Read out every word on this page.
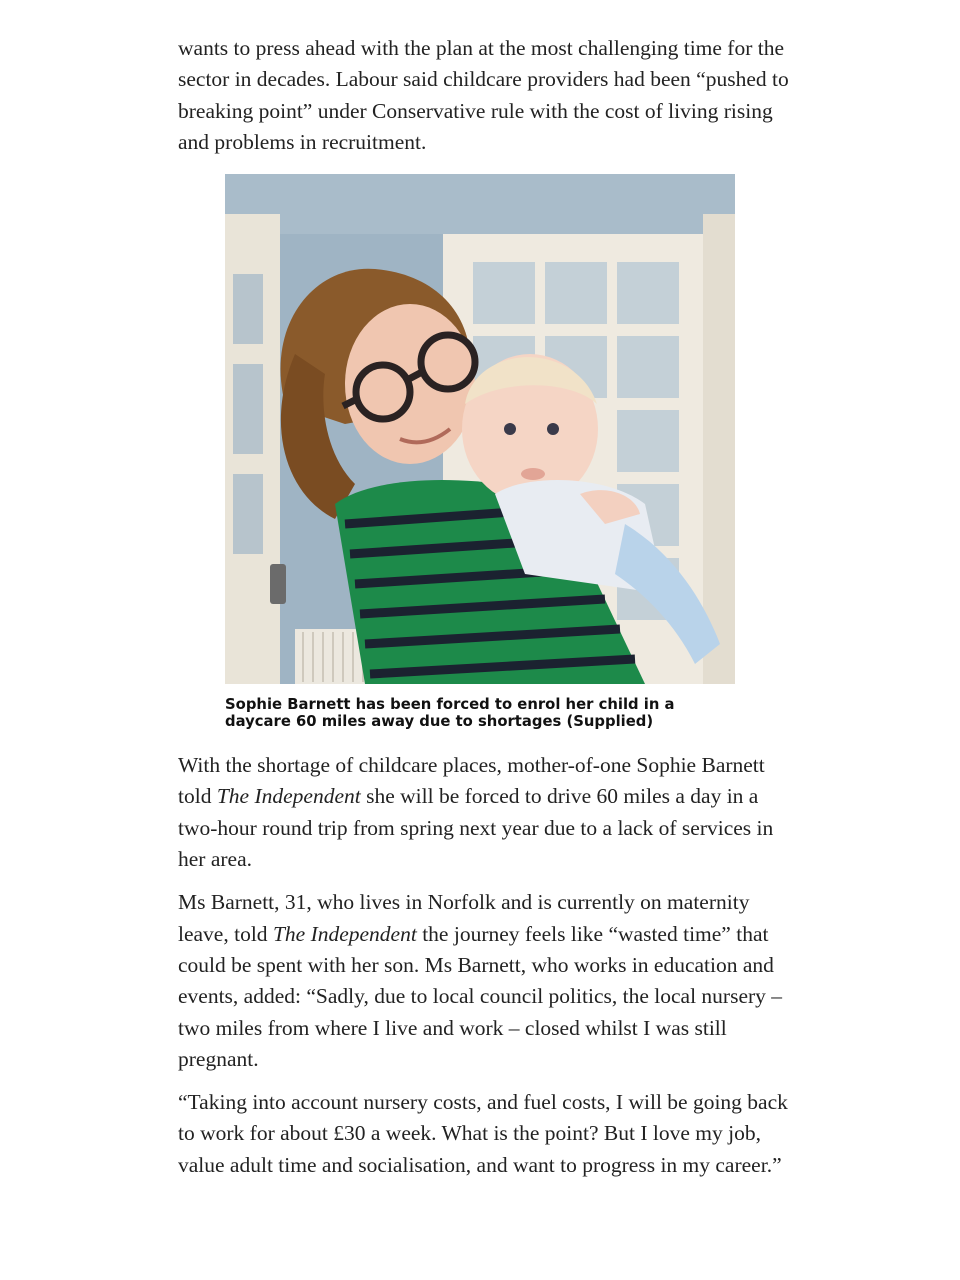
wants to press ahead with the plan at the most challenging time for the sector in decades. Labour said childcare providers had been “pushed to breaking point” under Conservative rule with the cost of living rising and problems in recruitment.

Sophie Barnett has been forced to enrol her child in a daycare 60 miles away due to shortages (Supplied)

With the shortage of childcare places, mother-of-one Sophie Barnett told The Independent she will be forced to drive 60 miles a day in a two-hour round trip from spring next year due to a lack of services in her area.

Ms Barnett, 31, who lives in Norfolk and is currently on maternity leave, told The Independent the journey feels like “wasted time” that could be spent with her son. Ms Barnett, who works in education and events, added: “Sadly, due to local council politics, the local nursery – two miles from where I live and work – closed whilst I was still pregnant.

“Taking into account nursery costs, and fuel costs, I will be going back to work for about £30 a week. What is the point? But I love my job, value adult time and socialisation, and want to progress in my career.”
